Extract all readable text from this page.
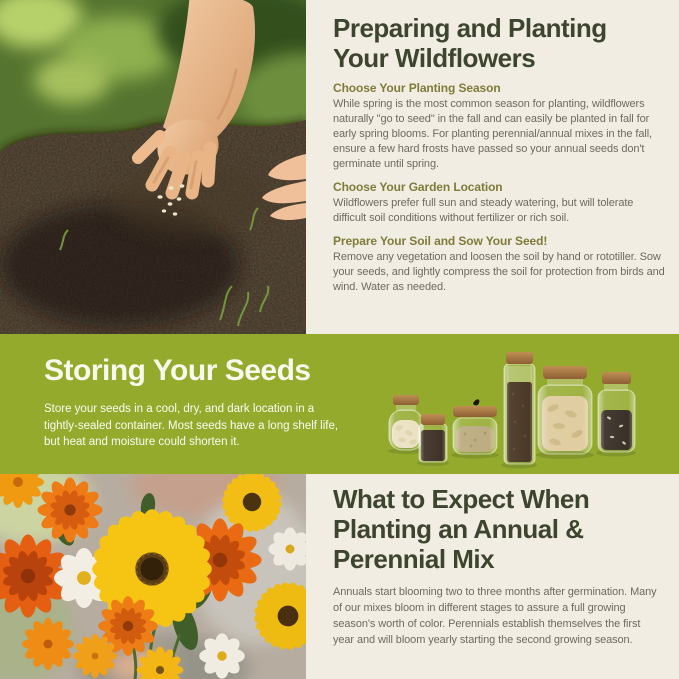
Preparing and Planting Your Wildflowers

Choose Your Planting Season

While spring is the most common season for planting, wildflowers naturally "go to seed" in the fall and can easily be planted in fall for early spring blooms. For planting perennial/annual mixes in the fall, ensure a few hard frosts have passed so your annual seeds don't germinate until spring.

Choose Your Garden Location

Wildflowers prefer full sun and steady watering, but will tolerate difficult soil conditions without fertilizer or rich soil.

Prepare Your Soil and Sow Your Seed!

Remove any vegetation and loosen the soil by hand or rototiller. Sow your seeds, and lightly compress the soil for protection from birds and wind. Water as needed.

Storing Your Seeds

Store your seeds in a cool, dry, and dark location in a tightly-sealed container. Most seeds have a long shelf life, but heat and moisture could shorten it.

What to Expect When Planting an Annual & Perennial Mix

Annuals start blooming two to three months after germination. Many of our mixes bloom in different stages to assure a full growing season's worth of color. Perennials establish themselves the first year and will bloom yearly starting the second growing season.
